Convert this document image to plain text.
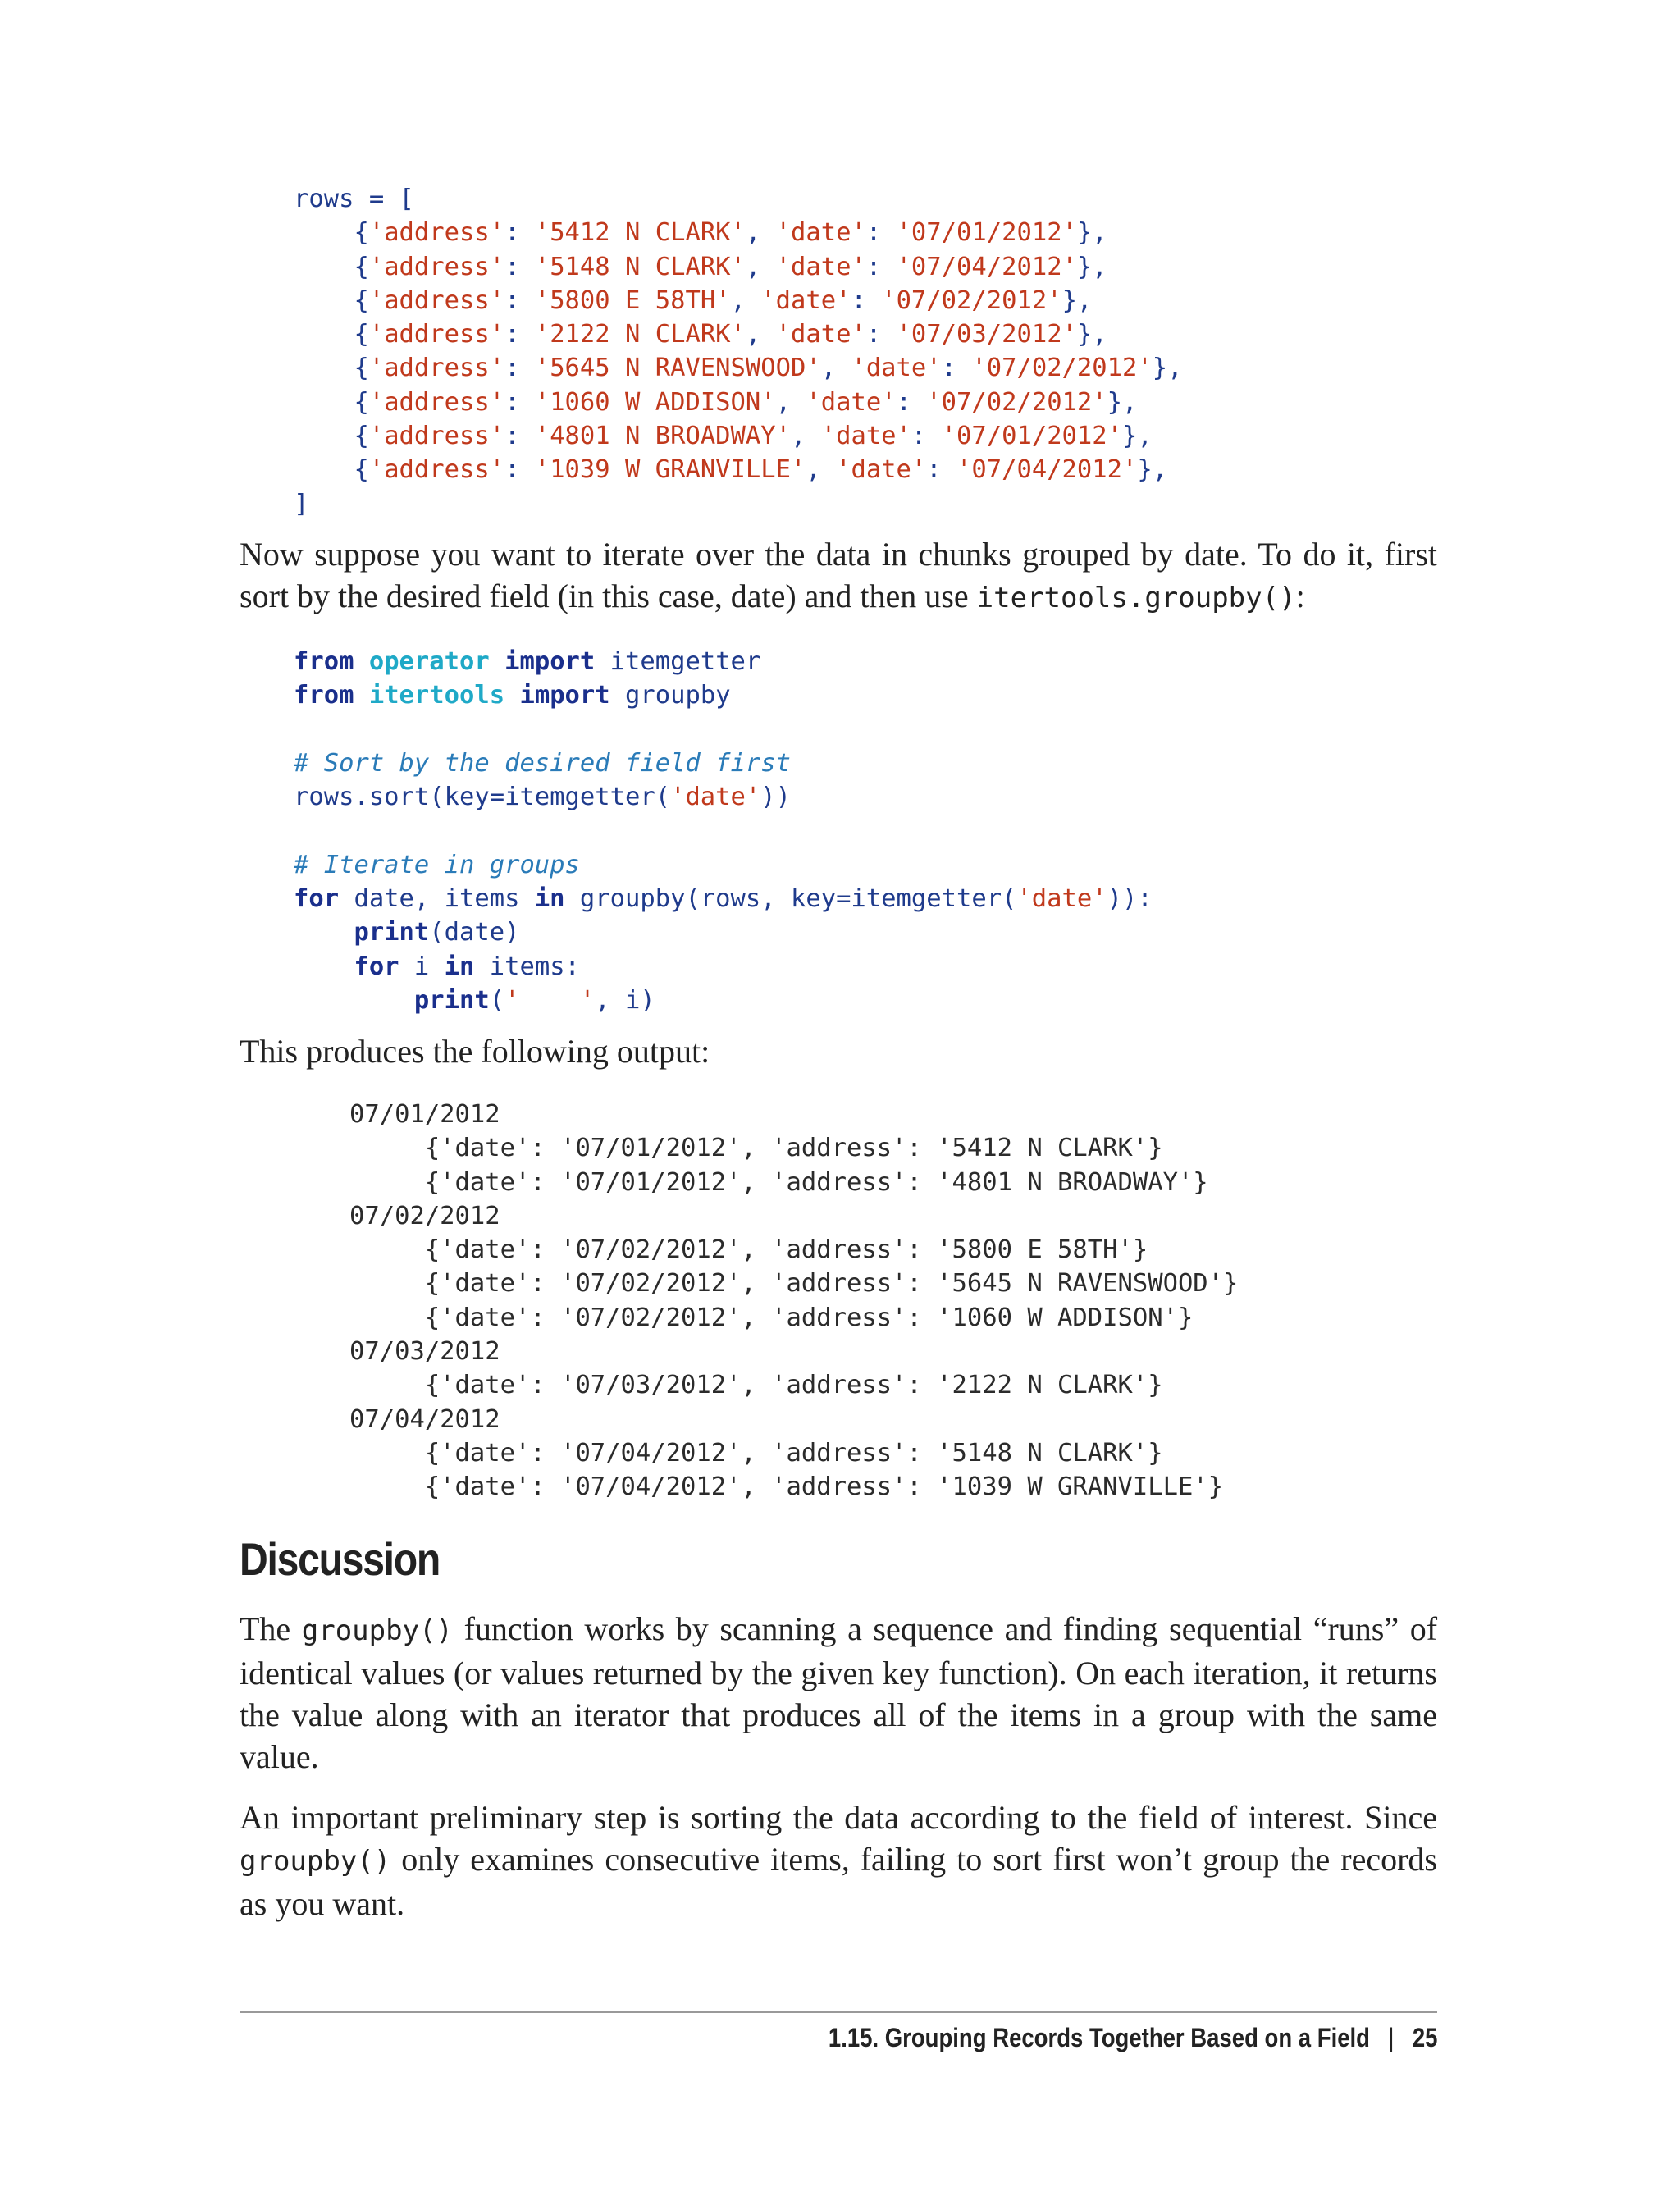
rows = [
{'address': '5412 N CLARK', 'date': '07/01/2012'},
{'address': '5148 N CLARK', 'date': '07/04/2012'},
{'address': '5800 E 58TH', 'date': '07/02/2012'},
{'address': '2122 N CLARK', 'date': '07/03/2012'},
{'address': '5645 N RAVENSWOOD', 'date': '07/02/2012'},
{'address': '1060 W ADDISON', 'date': '07/02/2012'},
{'address': '4801 N BROADWAY', 'date': '07/01/2012'},
{'address': '1039 W GRANVILLE', 'date': '07/04/2012'},
]

Now suppose you want to iterate over the data in chunks grouped by date. To do it, first sort by the desired field (in this case, date) and then use itertools.groupby():

from operator import itemgetter
from itertools import groupby
# Sort by the desired field first
rows.sort(key=itemgetter('date'))
# Iterate in groups
for date, items in groupby(rows, key=itemgetter('date')):
print(date)
for i in items:
print('    ', i)

This produces the following output:

07/01/2012
{'date': '07/01/2012', 'address': '5412 N CLARK'}
{'date': '07/01/2012', 'address': '4801 N BROADWAY'}
07/02/2012
{'date': '07/02/2012', 'address': '5800 E 58TH'}
{'date': '07/02/2012', 'address': '5645 N RAVENSWOOD'}
{'date': '07/02/2012', 'address': '1060 W ADDISON'}
07/03/2012
{'date': '07/03/2012', 'address': '2122 N CLARK'}
07/04/2012
{'date': '07/04/2012', 'address': '5148 N CLARK'}
{'date': '07/04/2012', 'address': '1039 W GRANVILLE'}
Discussion

The groupby() function works by scanning a sequence and finding sequential “runs” of identical values (or values returned by the given key function). On each iteration, it returns the value along with an iterator that produces all of the items in a group with the same value.

An important preliminary step is sorting the data according to the field of interest. Since groupby() only examines consecutive items, failing to sort first won’t group the records as you want.

1.15. Grouping Records Together Based on a Field | 25
